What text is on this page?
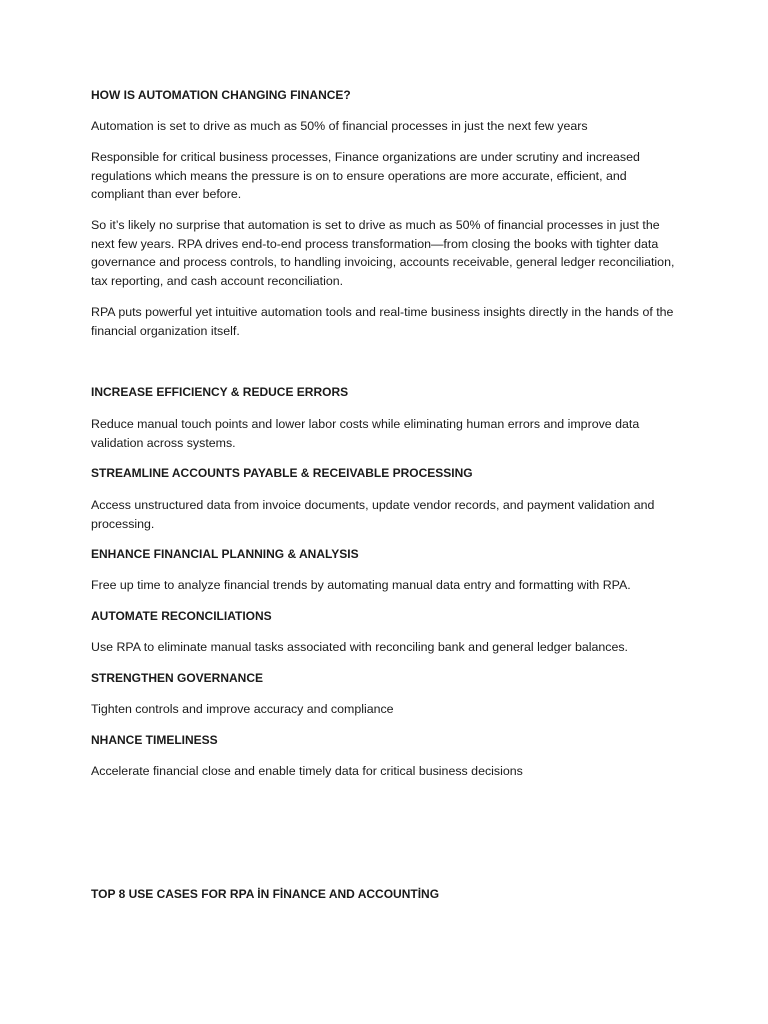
HOW IS AUTOMATION CHANGING FINANCE?

Automation is set to drive as much as 50% of financial processes in just the next few years

Responsible for critical business processes, Finance organizations are under scrutiny and increased regulations which means the pressure is on to ensure operations are more accurate, efficient, and compliant than ever before.

So it’s likely no surprise that automation is set to drive as much as 50% of financial processes in just the next few years. RPA drives end-to-end process transformation—from closing the books with tighter data governance and process controls, to handling invoicing, accounts receivable, general ledger reconciliation, tax reporting, and cash account reconciliation.

RPA puts powerful yet intuitive automation tools and real-time business insights directly in the hands of the financial organization itself.

INCREASE EFFICIENCY & REDUCE ERRORS

Reduce manual touch points and lower labor costs while eliminating human errors and improve data validation across systems.

STREAMLINE ACCOUNTS PAYABLE & RECEIVABLE PROCESSING

Access unstructured data from invoice documents, update vendor records, and payment validation and processing.

ENHANCE FINANCIAL PLANNING & ANALYSIS

Free up time to analyze financial trends by automating manual data entry and formatting with RPA.

AUTOMATE RECONCILIATIONS

Use RPA to eliminate manual tasks associated with reconciling bank and general ledger balances.

STRENGTHEN GOVERNANCE

Tighten controls and improve accuracy and compliance

NHANCE TIMELINESS

Accelerate financial close and enable timely data for critical business decisions

TOP 8 USE CASES FOR RPA İN FİNANCE AND ACCOUNTİNG
